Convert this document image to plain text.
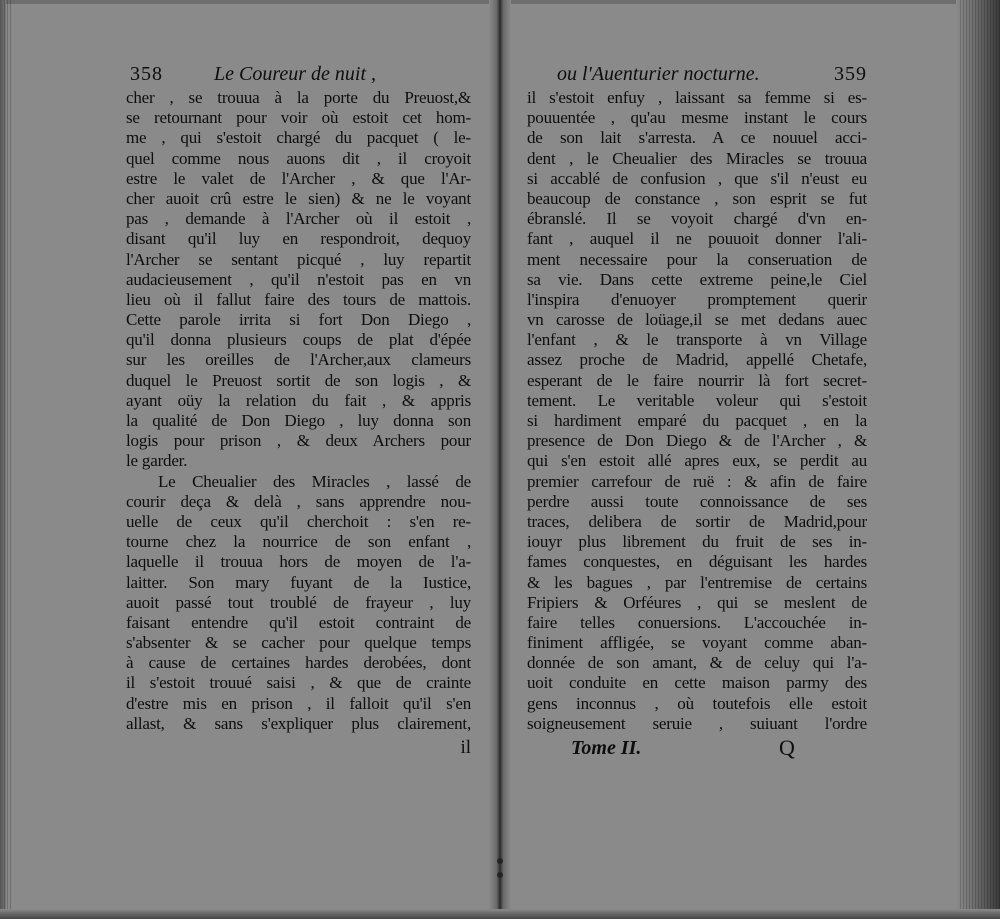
358	Le Coureur de nuit ,
cher , se trouua à la porte du Preuost,&
se retournant pour voir où estoit cet hom-
me , qui s'estoit chargé du pacquet ( le-
quel comme nous auons dit , il croyoit
estre le valet de l'Archer , & que l'Ar-
cher auoit crû estre le sien) & ne le voyant
pas , demande à l'Archer où il estoit ,
disant qu'il luy en respondroit, dequoy
l'Archer se sentant picqué , luy repartit
audacieusement , qu'il n'estoit pas en vn
lieu où il fallut faire des tours de mattois.
Cette parole irrita si fort Don Diego ,
qu'il donna plusieurs coups de plat d'épée
sur les oreilles de l'Archer,aux clameurs
duquel le Preuost sortit de son logis , &
ayant oüy la relation du fait , & appris
la qualité de Don Diego , luy donna son
logis pour prison , & deux Archers pour
le garder.
Le Cheualier des Miracles , lassé de
courir deça & delà , sans apprendre nou-
uelle de ceux qu'il cherchoit : s'en re-
tourne chez la nourrice de son enfant ,
laquelle il trouua hors de moyen de l'a-
laitter. Son mary fuyant de la Iustice,
auoit passé tout troublé de frayeur , luy
faisant entendre qu'il estoit contraint de
s'absenter & se cacher pour quelque temps
à cause de certaines hardes derobées, dont
il s'estoit trouué saisi , & que de crainte
d'estre mis en prison , il falloit qu'il s'en
allast, & sans s'expliquer plus clairement,
il
ou l'Auenturier nocturne.	359
il s'estoit enfuy , laissant sa femme si es-
pouuentée , qu'au mesme instant le cours
de son lait s'arresta. A ce nouuel acci-
dent , le Cheualier des Miracles se trouua
si accablé de confusion , que s'il n'eust eu
beaucoup de constance , son esprit se fut
ébranslé. Il se voyoit chargé d'vn en-
fant , auquel il ne pouuoit donner l'ali-
ment necessaire pour la conseruation de
sa vie. Dans cette extreme peine,le Ciel
l'inspira d'enuoyer promptement querir
vn carosse de loüage,il se met dedans auec
l'enfant , & le transporte à vn Village
assez proche de Madrid, appellé Chetafe,
esperant de le faire nourrir là fort secret-
tement. Le veritable voleur qui s'estoit
si hardiment emparé du pacquet , en la
presence de Don Diego & de l'Archer , &
qui s'en estoit allé apres eux, se perdit au
premier carrefour de ruë : & afin de faire
perdre aussi toute connoissance de ses
traces, delibera de sortir de Madrid,pour
iouyr plus librement du fruit de ses in-
fames conquestes, en déguisant les hardes
& les bagues , par l'entremise de certains
Fripiers & Orféures , qui se meslent de
faire telles conuersions. L'accouchée in-
finiment affligée, se voyant comme aban-
donnée de son amant, & de celuy qui l'a-
uoit conduite en cette maison parmy des
gens inconnus , où toutefois elle estoit
soigneusement seruie , suiuant l'ordre
Tome II.	Q
